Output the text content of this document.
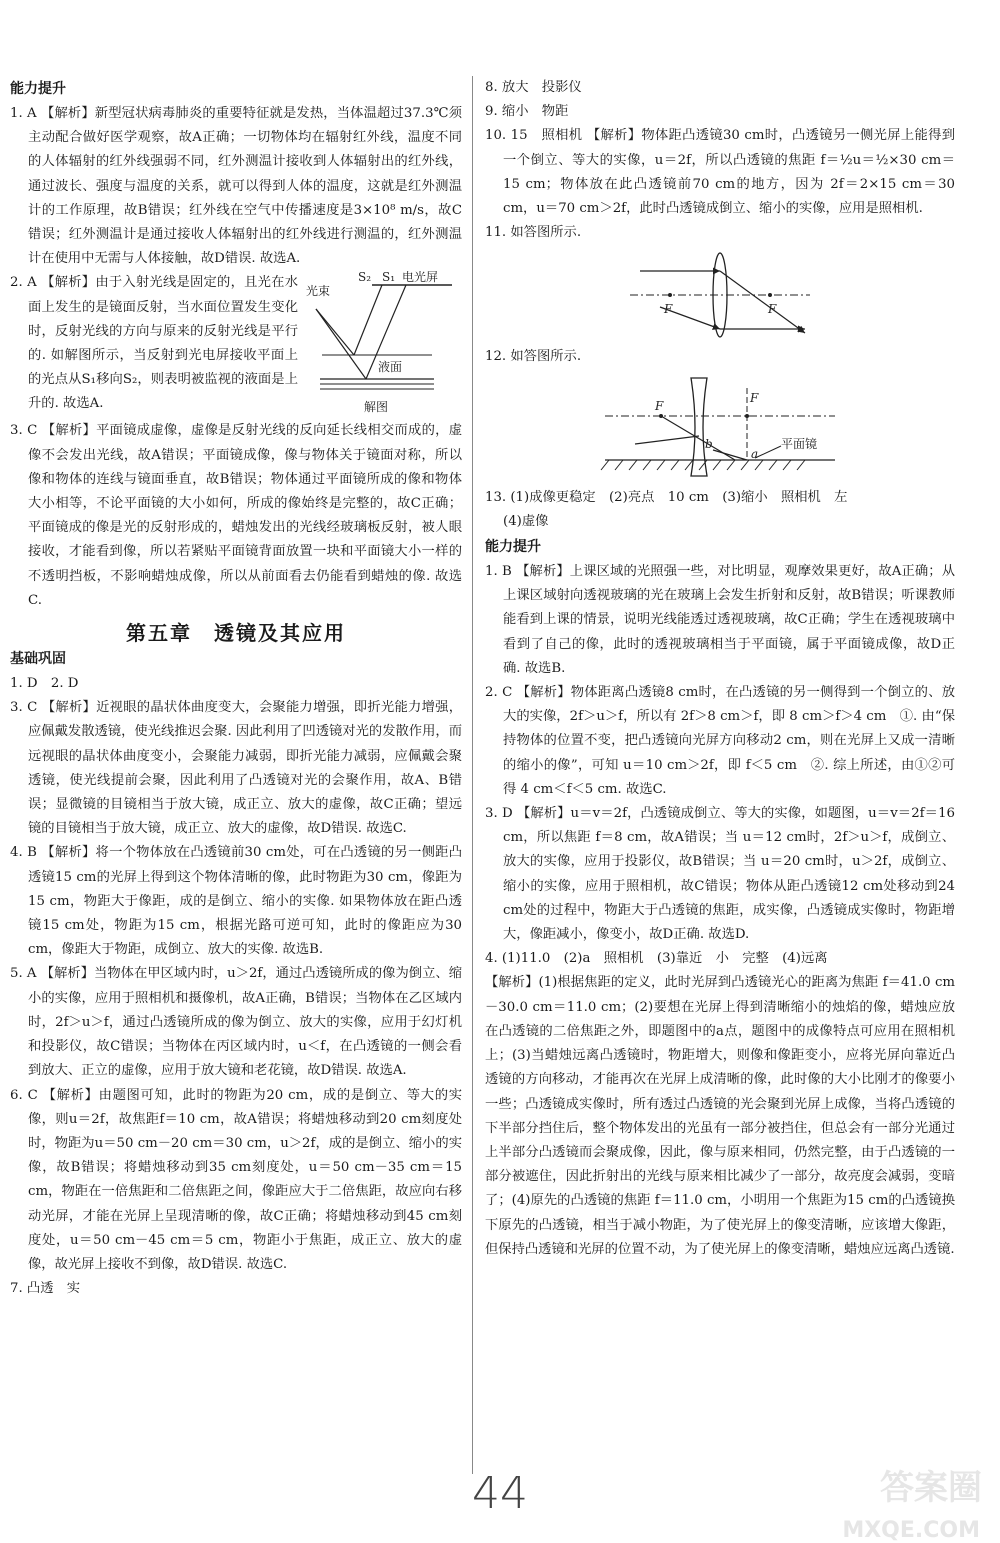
能力提升

1. A 【解析】新型冠状病毒肺炎的重要特征就是发热，当体温超过37.3℃须主动配合做好医学观察，故A正确；一切物体均在辐射红外线，温度不同的人体辐射的红外线强弱不同，红外测温计接收到人体辐射出的红外线，通过波长、强度与温度的关系，就可以得到人体的温度，这就是红外测温计的工作原理，故B错误；红外线在空气中传播速度是3×10⁸ m/s，故C错误；红外测温计是通过接收人体辐射出的红外线进行测温的，红外测温计在使用中无需与人体接触，故D错误. 故选A.

2. A 【解析】由于入射光线是固定的，且光在水面上发生的是镜面反射，当水面位置发生变化时，反射光线的方向与原来的反射光线是平行的. 如解图所示，当反射到光电屏接收平面上的光点从S₁移向S₂，则表明被监视的液面是上升的. 故选A.

S₂ S₁ 电光屏
光束
液面
解图

3. C 【解析】平面镜成虚像，虚像是反射光线的反向延长线相交而成的，虚像不会发出光线，故A错误；平面镜成像，像与物体关于镜面对称，所以像和物体的连线与镜面垂直，故B错误；物体通过平面镜所成的像和物体大小相等，不论平面镜的大小如何，所成的像始终是完整的，故C正确；平面镜成的像是光的反射形成的，蜡烛发出的光线经玻璃板反射，被人眼接收，才能看到像，所以若紧贴平面镜背面放置一块和平面镜大小一样的不透明挡板，不影响蜡烛成像，所以从前面看去仍能看到蜡烛的像. 故选C.

第五章　透镜及其应用
基础巩固

1. D　2. D

3. C 【解析】近视眼的晶状体曲度变大，会聚能力增强，即折光能力增强，应佩戴发散透镜，使光线推迟会聚. 因此利用了凹透镜对光的发散作用，而远视眼的晶状体曲度变小，会聚能力减弱，即折光能力减弱，应佩戴会聚透镜，使光线提前会聚，因此利用了凸透镜对光的会聚作用，故A、B错误；显微镜的目镜相当于放大镜，成正立、放大的虚像，故C正确；望远镜的目镜相当于放大镜，成正立、放大的虚像，故D错误. 故选C.

4. B 【解析】将一个物体放在凸透镜前30 cm处，可在凸透镜的另一侧距凸透镜15 cm的光屏上得到这个物体清晰的像，此时物距为30 cm，像距为15 cm，物距大于像距，成的是倒立、缩小的实像. 如果物体放在距凸透镜15 cm处，物距为15 cm，根据光路可逆可知，此时的像距应为30 cm，像距大于物距，成倒立、放大的实像. 故选B.

5. A 【解析】当物体在甲区域内时，u＞2f，通过凸透镜所成的像为倒立、缩小的实像，应用于照相机和摄像机，故A正确，B错误；当物体在乙区域内时，2f＞u＞f，通过凸透镜所成的像为倒立、放大的实像，应用于幻灯机和投影仪，故C错误；当物体在丙区域内时，u＜f，在凸透镜的一侧会看到放大、正立的虚像，应用于放大镜和老花镜，故D错误. 故选A.

6. C 【解析】由题图可知，此时的物距为20 cm，成的是倒立、等大的实像，则u＝2f，故焦距f＝10 cm，故A错误；将蜡烛移动到20 cm刻度处时，物距为u＝50 cm－20 cm＝30 cm，u＞2f，成的是倒立、缩小的实像，故B错误；将蜡烛移动到35 cm刻度处，u＝50 cm－35 cm＝15 cm，物距在一倍焦距和二倍焦距之间，像距应大于二倍焦距，故应向右移动光屏，才能在光屏上呈现清晰的像，故C正确；将蜡烛移动到45 cm刻度处，u＝50 cm－45 cm＝5 cm，物距小于焦距，成正立、放大的虚像，故光屏上接收不到像，故D错误. 故选C.

7. 凸透　实

8. 放大　投影仪

9. 缩小　物距

10. 15　照相机 【解析】物体距凸透镜30 cm时，凸透镜另一侧光屏上能得到一个倒立、等大的实像，u＝2f，所以凸透镜的焦距 f＝½u＝½×30 cm＝15 cm；物体放在此凸透镜前70 cm的地方，因为 2f＝2×15 cm＝30 cm，u＝70 cm＞2f，此时凸透镜成倒立、缩小的实像，应用是照相机.

11. 如答图所示.

F	F

12. 如答图所示.

F
F
b
a
平面镜

13. (1)成像更稳定　(2)亮点　10 cm　(3)缩小　照相机　左

(4)虚像

能力提升

1. B 【解析】上课区域的光照强一些，对比明显，观摩效果更好，故A正确；从上课区域射向透视玻璃的光在玻璃上会发生折射和反射，故B错误；听课教师能看到上课的情景，说明光线能透过透视玻璃，故C正确；学生在透视玻璃中看到了自己的像，此时的透视玻璃相当于平面镜，属于平面镜成像，故D正确. 故选B.

2. C 【解析】物体距离凸透镜8 cm时，在凸透镜的另一侧得到一个倒立的、放大的实像，2f＞u＞f，所以有 2f＞8 cm＞f，即 8 cm＞f＞4 cm　①. 由“保持物体的位置不变，把凸透镜向光屏方向移动2 cm，则在光屏上又成一清晰的缩小的像”，可知 u＝10 cm＞2f，即 f＜5 cm　②. 综上所述，由①②可得 4 cm＜f＜5 cm. 故选C.

3. D 【解析】u＝v＝2f，凸透镜成倒立、等大的实像，如题图，u＝v＝2f＝16 cm，所以焦距 f＝8 cm，故A错误；当 u＝12 cm时，2f＞u＞f，成倒立、放大的实像，应用于投影仪，故B错误；当 u＝20 cm时，u＞2f，成倒立、缩小的实像，应用于照相机，故C错误；物体从距凸透镜12 cm处移动到24 cm处的过程中，物距大于凸透镜的焦距，成实像，凸透镜成实像时，物距增大，像距减小，像变小，故D正确. 故选D.

4. (1)11.0　(2)a　照相机　(3)靠近　小　完整　(4)远离

【解析】(1)根据焦距的定义，此时光屏到凸透镜光心的距离为焦距 f＝41.0 cm－30.0 cm＝11.0 cm；(2)要想在光屏上得到清晰缩小的烛焰的像，蜡烛应放在凸透镜的二倍焦距之外，即题图中的a点，题图中的成像特点可应用在照相机上；(3)当蜡烛远离凸透镜时，物距增大，则像和像距变小，应将光屏向靠近凸透镜的方向移动，才能再次在光屏上成清晰的像，此时像的大小比刚才的像要小一些；凸透镜成实像时，所有透过凸透镜的光会聚到光屏上成像，当将凸透镜的下半部分挡住后，整个物体发出的光虽有一部分被挡住，但总会有一部分光通过上半部分凸透镜而会聚成像，因此，像与原来相同，仍然完整，由于凸透镜的一部分被遮住，因此折射出的光线与原来相比减少了一部分，故亮度会减弱，变暗了；(4)原先的凸透镜的焦距 f＝11.0 cm，小明用一个焦距为15 cm的凸透镜换下原先的凸透镜，相当于减小物距，为了使光屏上的像变清晰，应该增大像距，但保持凸透镜和光屏的位置不动，为了使光屏上的像变清晰，蜡烛应远离凸透镜.

44	答案圈
MXQE.COM
